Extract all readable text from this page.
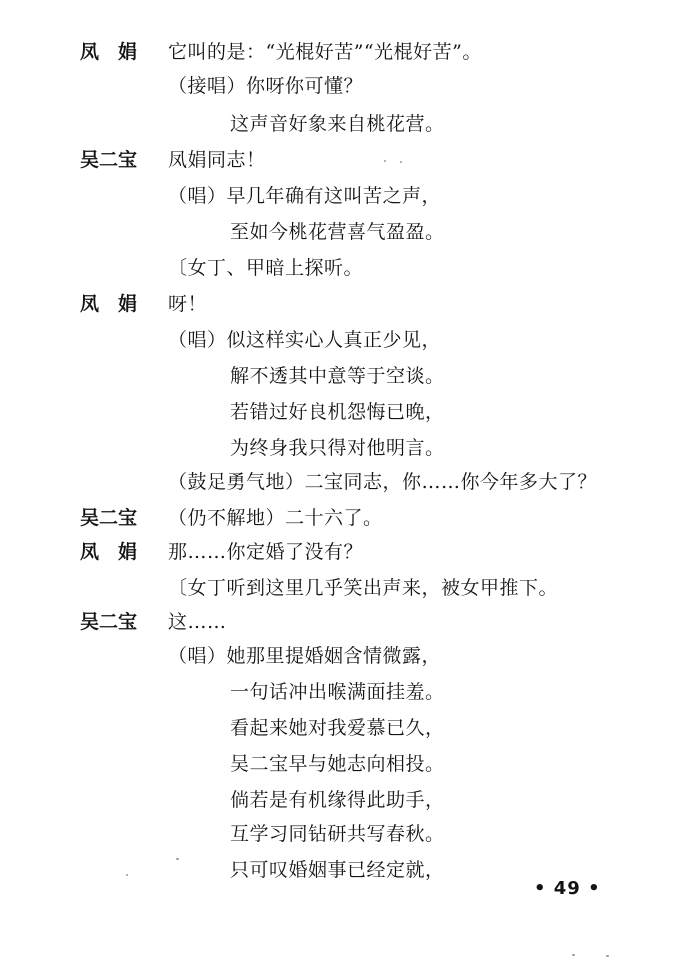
凤　娟	它叫的是：“光棍好苦”“光棍好苦”。
（接唱）你呀你可懂？
这声音好象来自桃花营。
吴二宝	凤娟同志！
（唱）早几年确有这叫苦之声，
至如今桃花营喜气盈盈。
〔女丁、甲暗上探听。
凤　娟	呀！
（唱）似这样实心人真正少见，
解不透其中意等于空谈。
若错过好良机怨悔已晚，
为终身我只得对他明言。
（鼓足勇气地）二宝同志，你……你今年多大了？
吴二宝	（仍不解地）二十六了。
凤　娟	那……你定婚了没有？
〔女丁听到这里几乎笑出声来，被女甲推下。
吴二宝	这……
（唱）她那里提婚姻含情微露，
一句话冲出喉满面挂羞。
看起来她对我爱慕已久，
吴二宝早与她志向相投。
倘若是有机缘得此助手，
互学习同钻研共写春秋。
只可叹婚姻事已经定就，
• 49 •
